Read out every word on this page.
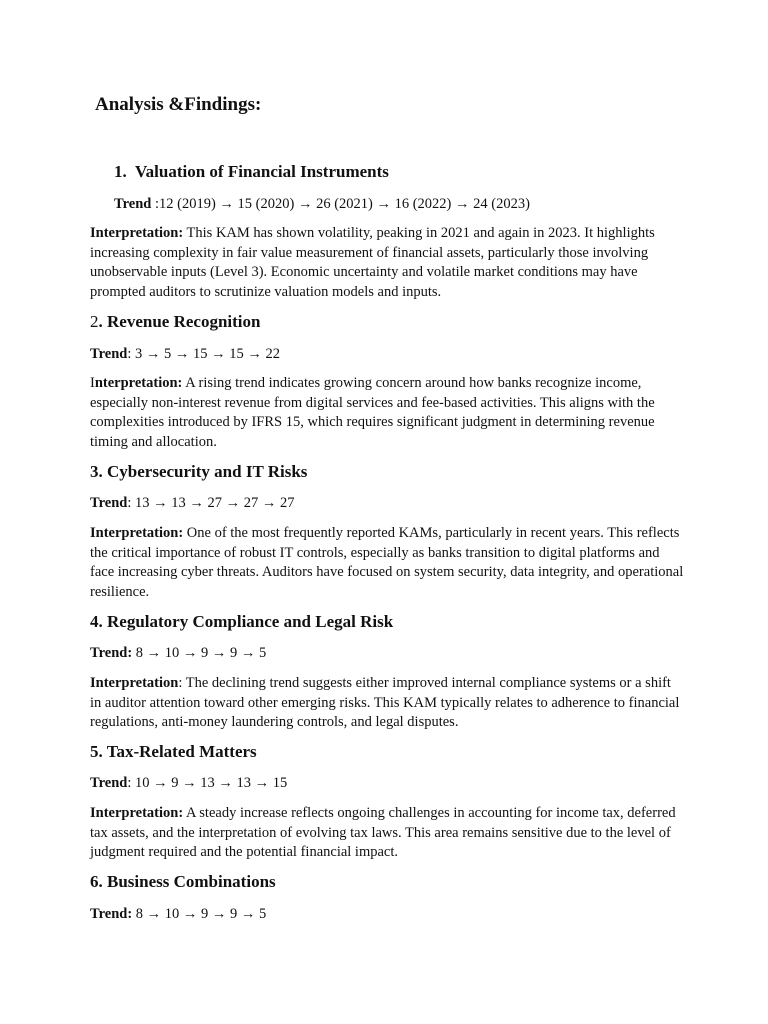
Analysis &Findings:
1. Valuation of Financial Instruments
Trend :12 (2019) → 15 (2020) → 26 (2021) → 16 (2022) → 24 (2023)
Interpretation: This KAM has shown volatility, peaking in 2021 and again in 2023. It highlights increasing complexity in fair value measurement of financial assets, particularly those involving unobservable inputs (Level 3). Economic uncertainty and volatile market conditions may have prompted auditors to scrutinize valuation models and inputs.
2. Revenue Recognition
Trend: 3 → 5 → 15 → 15 → 22
Interpretation: A rising trend indicates growing concern around how banks recognize income, especially non-interest revenue from digital services and fee-based activities. This aligns with the complexities introduced by IFRS 15, which requires significant judgment in determining revenue timing and allocation.
3. Cybersecurity and IT Risks
Trend: 13 → 13 → 27 → 27 → 27
Interpretation: One of the most frequently reported KAMs, particularly in recent years. This reflects the critical importance of robust IT controls, especially as banks transition to digital platforms and face increasing cyber threats. Auditors have focused on system security, data integrity, and operational resilience.
4. Regulatory Compliance and Legal Risk
Trend: 8 → 10 → 9 → 9 → 5
Interpretation: The declining trend suggests either improved internal compliance systems or a shift in auditor attention toward other emerging risks. This KAM typically relates to adherence to financial regulations, anti-money laundering controls, and legal disputes.
5. Tax-Related Matters
Trend: 10 → 9 → 13 → 13 → 15
Interpretation: A steady increase reflects ongoing challenges in accounting for income tax, deferred tax assets, and the interpretation of evolving tax laws. This area remains sensitive due to the level of judgment required and the potential financial impact.
6. Business Combinations
Trend: 8 → 10 → 9 → 9 → 5
